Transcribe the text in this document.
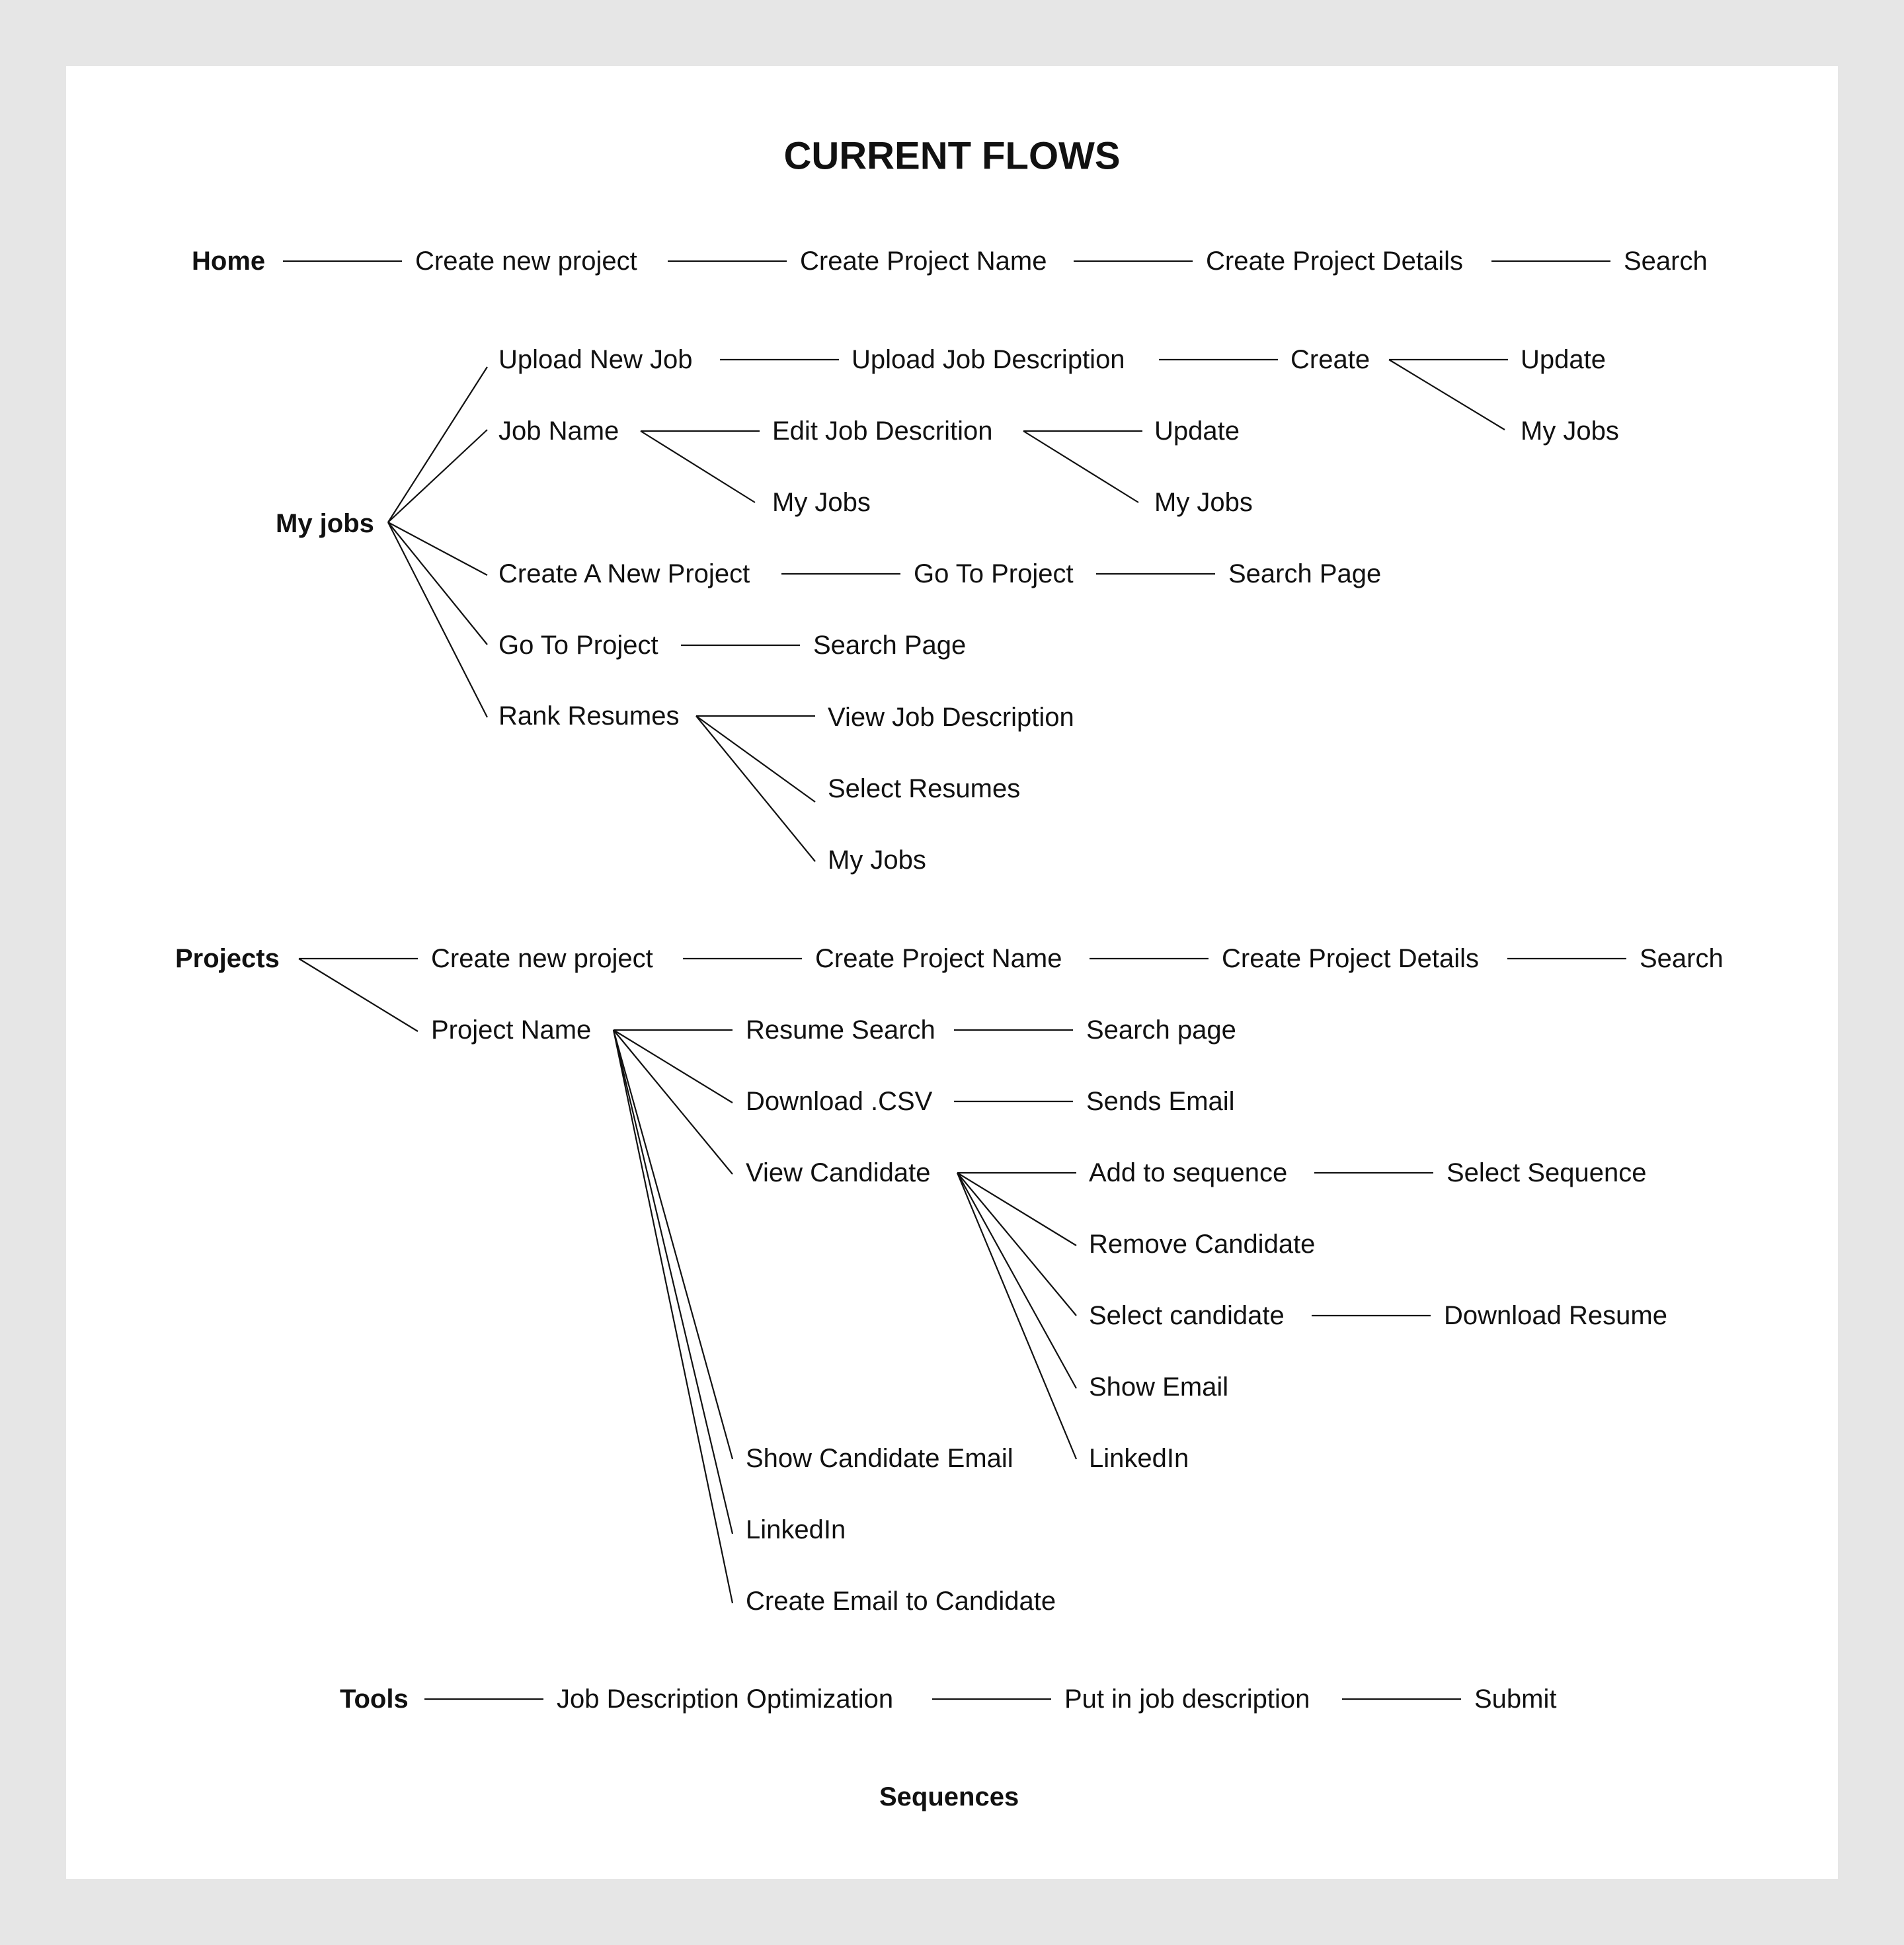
CURRENT FLOWS
Home	Create new project	Create Project Name	Create Project Details	Search
My jobs
Upload New Job	Upload Job Description	Create	Update
My Jobs
Job Name	Edit Job Descrition
My Jobs
Update
My Jobs
Create A New Project	Go To Project	Search Page
Go To Project	Search Page
Rank Resumes	View Job Description
Select Resumes
My Jobs
Projects	Create new project	Create Project Name	Create Project Details	Search
Project Name	Resume Search	Search page
Download .CSV	Sends Email
View Candidate	Add to sequence	Select Sequence
Remove Candidate
Select candidate	Download Resume
Show Email
LinkedIn
Show Candidate Email
LinkedIn
Create Email to Candidate
Tools	Job Description Optimization	Put in job description	Submit
Sequences
